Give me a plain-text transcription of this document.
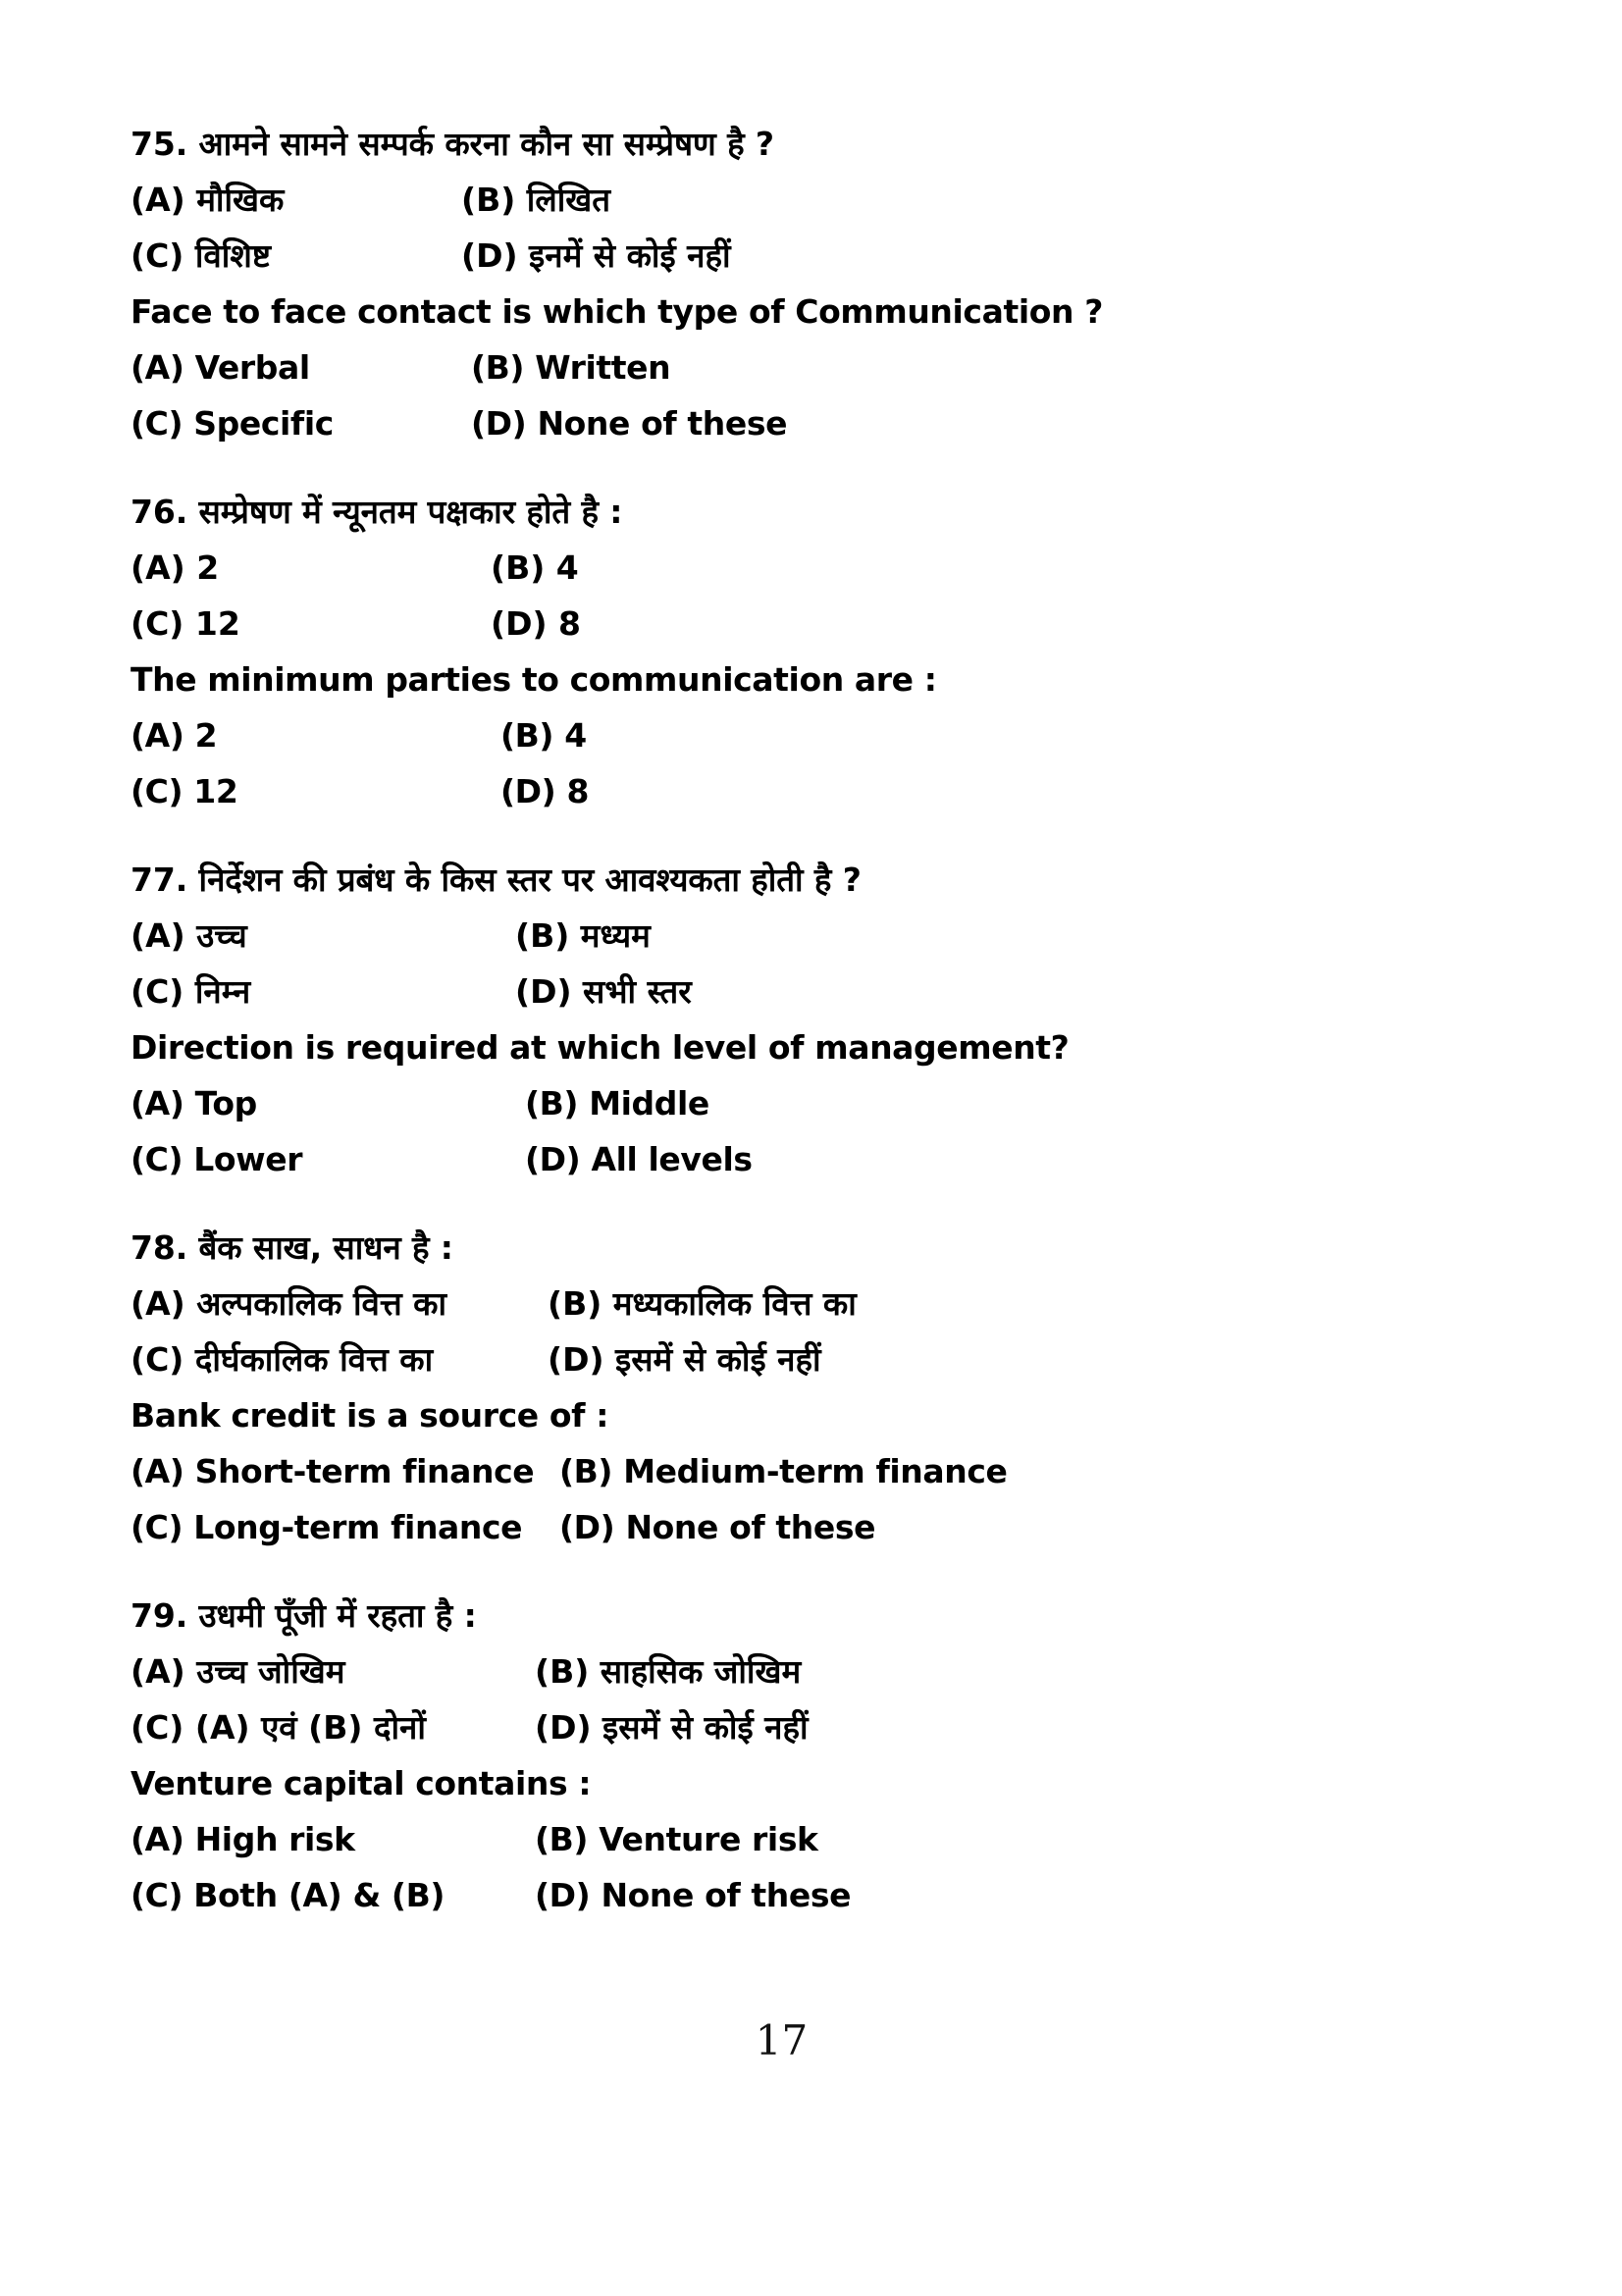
75. आमने सामने सम्पर्क करना कौन सा सम्प्रेषण है ?
(A) मौखिक	(B) लिखित
(C) विशिष्ट	(D) इनमें से कोई नहीं
Face to face contact is which type of Communication ?
(A) Verbal	(B) Written
(C) Specific	(D) None of these
76. सम्प्रेषण में न्यूनतम पक्षकार होते है :
(A) 2	(B) 4
(C) 12	(D) 8
The minimum parties to communication are :
(A) 2	(B) 4
(C) 12	(D) 8
77. निर्देशन की प्रबंध के किस स्तर पर आवश्यकता होती है ?
(A) उच्च	(B) मध्यम
(C) निम्न	(D) सभी स्तर
Direction is required at which level of management?
(A) Top	(B) Middle
(C) Lower	(D) All levels
78. बैंक साख, साधन है :
(A) अल्पकालिक वित्त का	(B) मध्यकालिक वित्त का
(C) दीर्घकालिक वित्त का	(D) इसमें से कोई नहीं
Bank credit is a source of :
(A) Short-term finance (B) Medium-term finance
(C) Long-term finance	(D) None of these
79. उधमी पूँजी में रहता है :
(A) उच्च जोखिम	(B) साहसिक जोखिम
(C) (A) एवं (B) दोनों	(D) इसमें से कोई नहीं
Venture capital contains :
(A) High risk	(B) Venture risk
(C) Both (A) & (B)	(D) None of these
17
